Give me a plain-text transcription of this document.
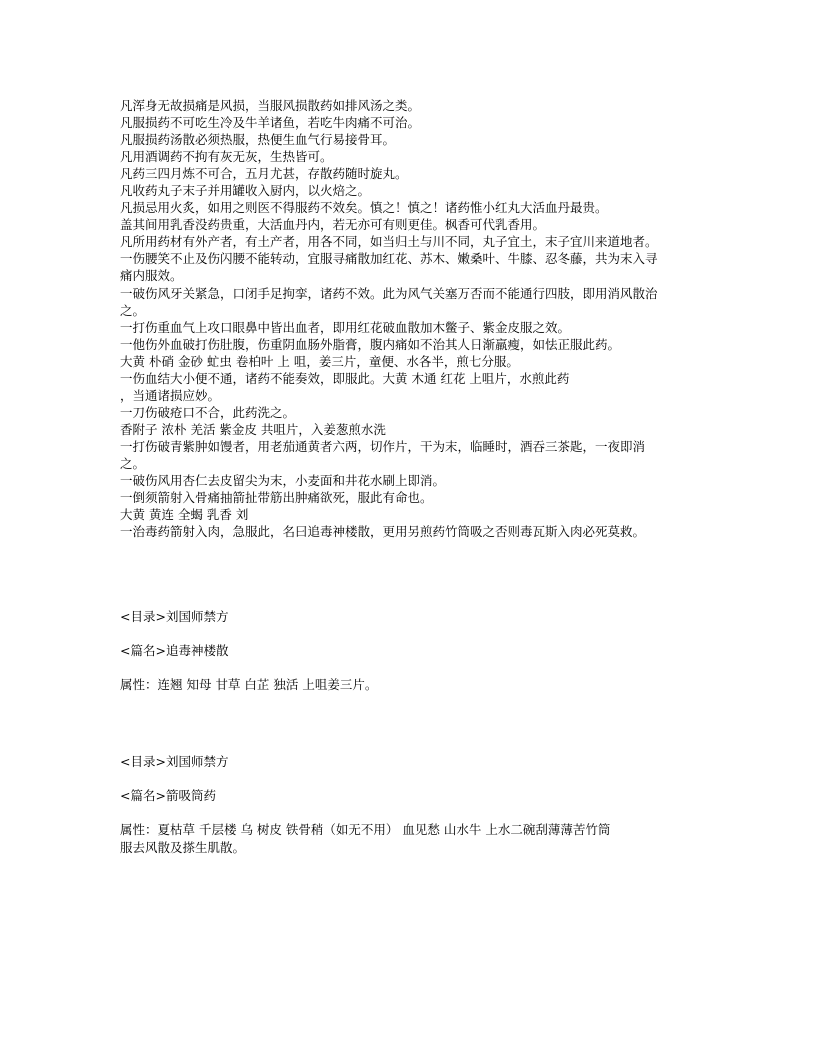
凡浑身无故损痛是风损，当服风损散药如排风汤之类。
凡服损药不可吃生冷及牛羊诸鱼，若吃牛肉痛不可治。
凡服损药汤散必须热服，热便生血气行易接骨耳。
凡用酒调药不拘有灰无灰，生热皆可。
凡药三四月炼不可合，五月尤甚，存散药随时旋丸。
凡收药丸子末子并用罐收入厨内，以火焙之。
凡损忌用火炙，如用之则医不得服药不效矣。慎之！慎之！诸药惟小红丸大活血丹最贵。
盖其间用乳香没药贵重，大活血丹内，若无亦可有则更佳。枫香可代乳香用。
凡所用药材有外产者，有土产者，用各不同，如当归土与川不同，丸子宜土，末子宜川来道地者。
一伤腰笑不止及伤闪腰不能转动，宜服寻痛散加红花、苏木、嫩桑叶、牛膝、忍冬藤，共为末入寻痛内服效。
一破伤风牙关紧急，口闭手足拘挛，诸药不效。此为风气关塞万否而不能通行四肢，即用消风散治之。
一打伤重血气上攻口眼鼻中皆出血者，即用红花破血散加木鳖子、紫金皮服之效。
一他伤外血破打伤肚腹，伤重阴血肠外脂膏，腹内痛如不治其人日渐羸瘦，如怯正服此药。
大黄 朴硝 金砂 虻虫 卷柏叶 上 咀，姜三片，童便、水各半，煎七分服。
一伤血结大小便不通，诸药不能奏效，即服此。大黄 木通 红花 上咀片，水煎此药
，当通诸损应妙。
一刀伤破疮口不合，此药洗之。
香附子 浓朴 羌活 紫金皮 共咀片，入姜葱煎水洗
一打伤破青紫肿如馒者，用老茄通黄者六两，切作片，干为末，临睡时，酒吞三茶匙，一夜即消之。
一破伤风用杏仁去皮留尖为末，小麦面和井花水刷上即消。
一倒须箭射入骨痛抽箭扯带筋出肿痛欲死，服此有命也。
大黄 黄连 全蝎 乳香 刘
一治毒药箭射入肉，急服此，名曰追毒神楼散，更用另煎药竹筒吸之否则毒瓦斯入肉必死莫救。
<目录>刘国师禁方
<篇名>追毒神楼散
属性：连翘 知母 甘草 白芷 独活 上咀姜三片。
<目录>刘国师禁方
<篇名>箭吸筒药
属性：夏枯草 千层楼 乌 树皮 铁骨稍（如无不用） 血见愁 山水牛 上水二碗刮薄薄苦竹筒
服去风散及搽生肌散。
